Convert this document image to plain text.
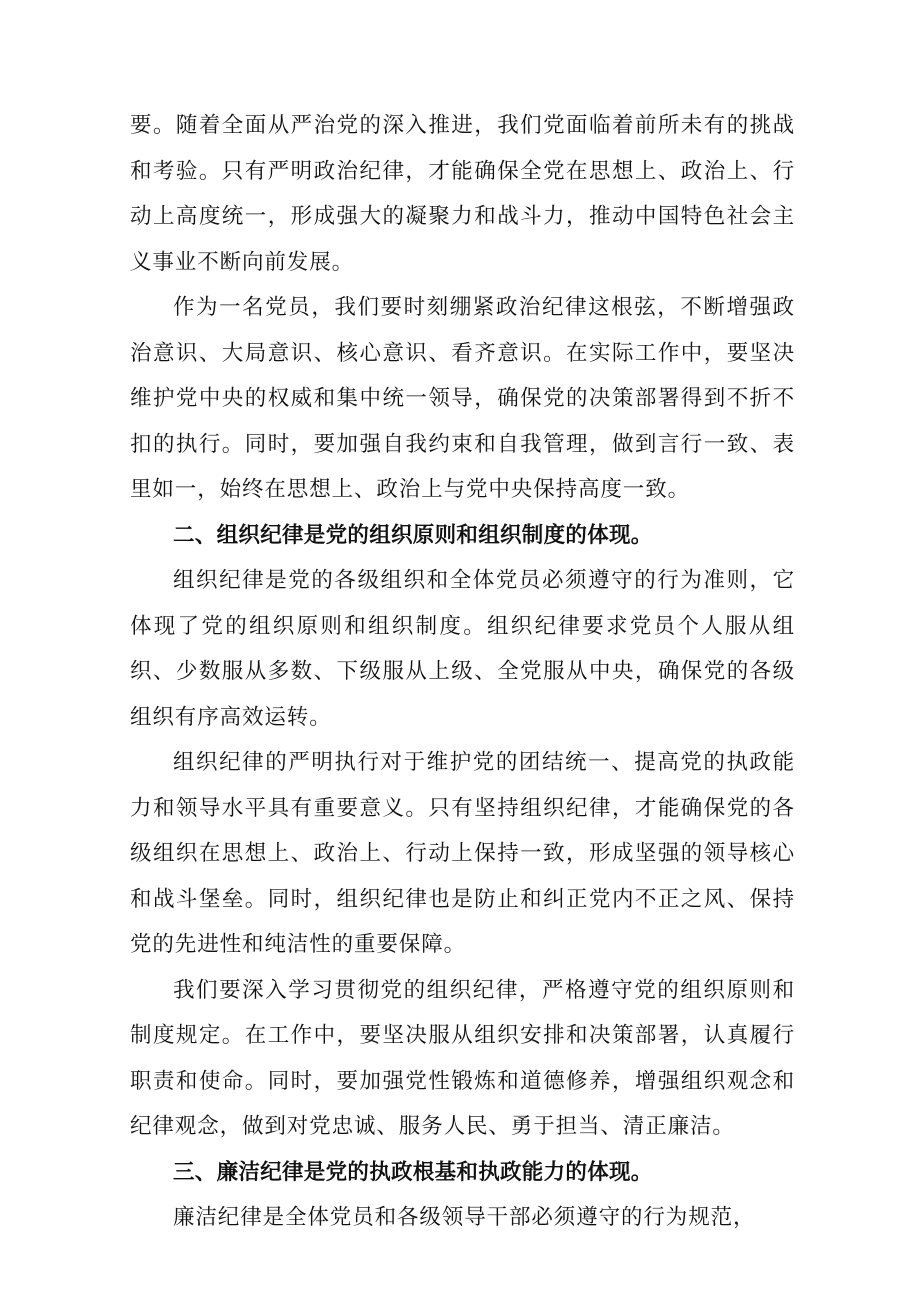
要。随着全面从严治党的深入推进，我们党面临着前所未有的挑战和考验。只有严明政治纪律，才能确保全党在思想上、政治上、行动上高度统一，形成强大的凝聚力和战斗力，推动中国特色社会主义事业不断向前发展。

作为一名党员，我们要时刻绷紧政治纪律这根弦，不断增强政治意识、大局意识、核心意识、看齐意识。在实际工作中，要坚决维护党中央的权威和集中统一领导，确保党的决策部署得到不折不扣的执行。同时，要加强自我约束和自我管理，做到言行一致、表里如一，始终在思想上、政治上与党中央保持高度一致。

二、组织纪律是党的组织原则和组织制度的体现。

组织纪律是党的各级组织和全体党员必须遵守的行为准则，它体现了党的组织原则和组织制度。组织纪律要求党员个人服从组织、少数服从多数、下级服从上级、全党服从中央，确保党的各级组织有序高效运转。

组织纪律的严明执行对于维护党的团结统一、提高党的执政能力和领导水平具有重要意义。只有坚持组织纪律，才能确保党的各级组织在思想上、政治上、行动上保持一致，形成坚强的领导核心和战斗堡垒。同时，组织纪律也是防止和纠正党内不正之风、保持党的先进性和纯洁性的重要保障。

我们要深入学习贯彻党的组织纪律，严格遵守党的组织原则和制度规定。在工作中，要坚决服从组织安排和决策部署，认真履行职责和使命。同时，要加强党性锻炼和道德修养，增强组织观念和纪律观念，做到对党忠诚、服务人民、勇于担当、清正廉洁。

三、廉洁纪律是党的执政根基和执政能力的体现。

廉洁纪律是全体党员和各级领导干部必须遵守的行为规范，
